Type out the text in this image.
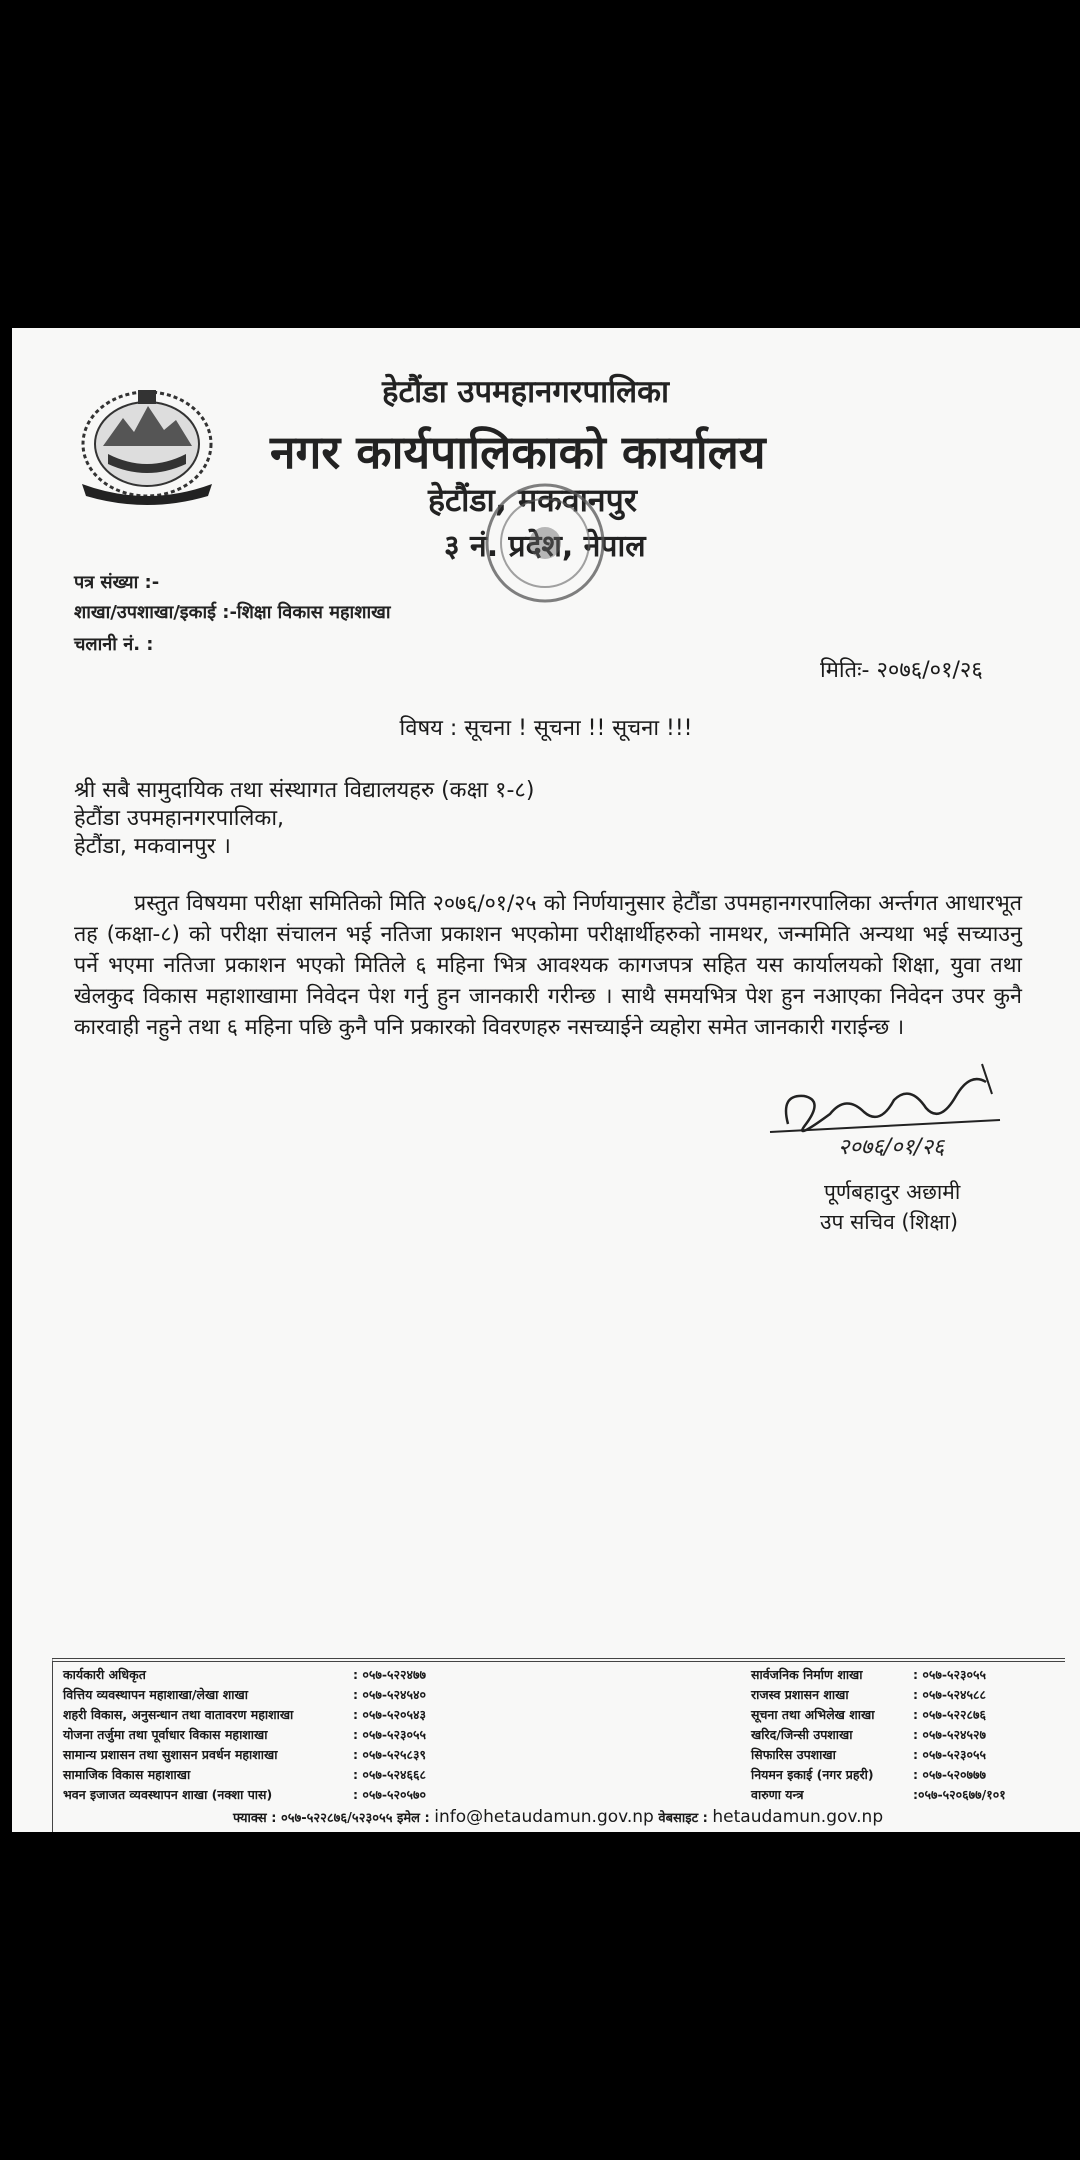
हेटौंडा उपमहानगरपालिका
नगर कार्यपालिकाको कार्यालय
हेटौंडा, मकवानपुर
३ नं. प्रदेश, नेपाल
पत्र संख्या :-
शाखा/उपशाखा/इकाई :-शिक्षा विकास महाशाखा
चलानी नं. :
मितिः- २०७६/०१/२६
विषय : सूचना ! सूचना !! सूचना !!!
श्री सबै सामुदायिक तथा संस्थागत विद्यालयहरु (कक्षा १-८)
हेटौंडा उपमहानगरपालिका,
हेटौंडा, मकवानपुर ।
प्रस्तुत विषयमा परीक्षा समितिको मिति २०७६/०१/२५ को निर्णयानुसार हेटौंडा उपमहानगरपालिका अर्न्तगत आधारभूत तह (कक्षा-८) को परीक्षा संचालन भई नतिजा प्रकाशन भएकोमा परीक्षार्थीहरुको नामथर, जन्ममिति अन्यथा भई सच्याउनु पर्ने भएमा नतिजा प्रकाशन भएको मितिले ६ महिना भित्र आवश्यक कागजपत्र सहित यस कार्यालयको शिक्षा, युवा तथा खेलकुद विकास महाशाखामा निवेदन पेश गर्नु हुन जानकारी गरीन्छ । साथै समयभित्र पेश हुन नआएका निवेदन उपर कुनै कारवाही नहुने तथा ६ महिना पछि कुनै पनि प्रकारको विवरणहरु नसच्याईने व्यहोरा समेत जानकारी गराईन्छ ।
२०७६/०१/२६
पूर्णबहादुर अछामी
उप सचिव (शिक्षा)
कार्यकारी अधिकृत	: ०५७-५२२४७७	सार्वजनिक निर्माण शाखा	: ०५७-५२३०५५
वित्तिय व्यवस्थापन महाशाखा/लेखा शाखा	: ०५७-५२४५४०	राजस्व प्रशासन शाखा	: ०५७-५२४५८८
शहरी विकास, अनुसन्धान तथा वातावरण महाशाखा	: ०५७-५२०५४३	सूचना तथा अभिलेख शाखा	: ०५७-५२२८७६
योजना तर्जुमा तथा पूर्वाधार विकास महाशाखा	: ०५७-५२३०५५	खरिद/जिन्सी उपशाखा	: ०५७-५२४५२७
सामान्य प्रशासन तथा सुशासन प्रवर्धन महाशाखा	: ०५७-५२५८३९	सिफारिस उपशाखा	: ०५७-५२३०५५
सामाजिक विकास महाशाखा	: ०५७-५२४६६८	नियमन इकाई (नगर प्रहरी)	: ०५७-५२०७७७
भवन इजाजत व्यवस्थापन शाखा (नक्शा पास)	: ०५७-५२०५७०	वारुणा यन्त्र	:०५७-५२०६७७/१०१
फ्याक्स : ०५७-५२२८७६/५२३०५५ इमेल : info@hetaudamun.gov.np वेबसाइट : hetaudamun.gov.np
